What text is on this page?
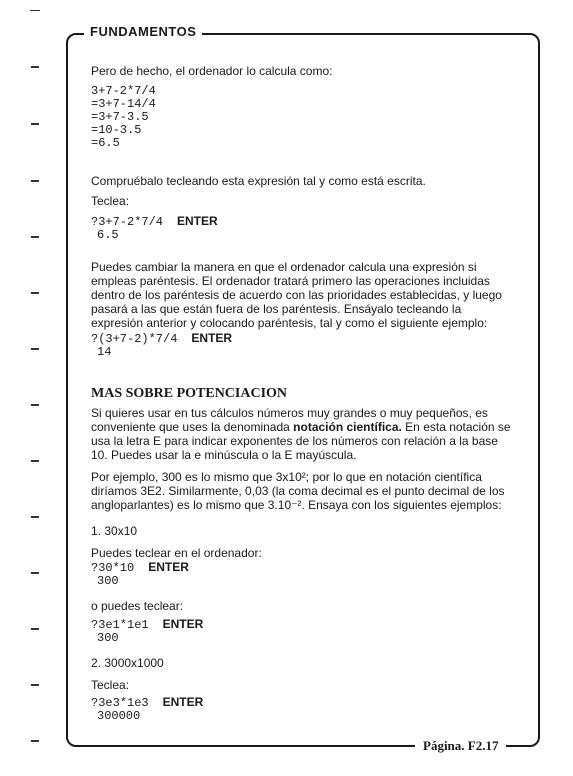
FUNDAMENTOS
Página. F2.17

Pero de hecho, el ordenador lo calcula como:

3+7-2*7/4
=3+7-14/4
=3+7-3.5
=10-3.5
=6.5

Compruébalo tecleando esta expresión tal y como está escrita.

Teclea:

?3+7-2*7/4 ENTER
6.5

Puedes cambiar la manera en que el ordenador calcula una expresión si empleas paréntesis. El ordenador tratará primero las operaciones incluidas dentro de los paréntesis de acuerdo con las prioridades establecidas, y luego pasará a las que están fuera de los paréntesis. Ensáyalo tecleando la expresión anterior y colocando paréntesis, tal y como el siguiente ejemplo:

?(3+7-2)*7/4 ENTER
14
MAS SOBRE POTENCIACION

Si quieres usar en tus cálculos números muy grandes o muy pequeños, es conveniente que uses la denominada notación científica. En esta notación se usa la letra E para indicar exponentes de los números con relación a la base 10. Puedes usar la e minúscula o la E mayúscula.

Por ejemplo, 300 es lo mismo que 3x10²; por lo que en notación científica diríamos 3E2. Similarmente, 0,03 (la coma decimal es el punto decimal de los angloparlantes) es lo mismo que 3.10⁻². Ensaya con los siguientes ejemplos:

1. 30x10

Puedes teclear en el ordenador:

?30*10 ENTER
300

o puedes teclear:

?3e1*1e1 ENTER
300

2. 3000x1000

Teclea:

?3e3*1e3 ENTER
300000
